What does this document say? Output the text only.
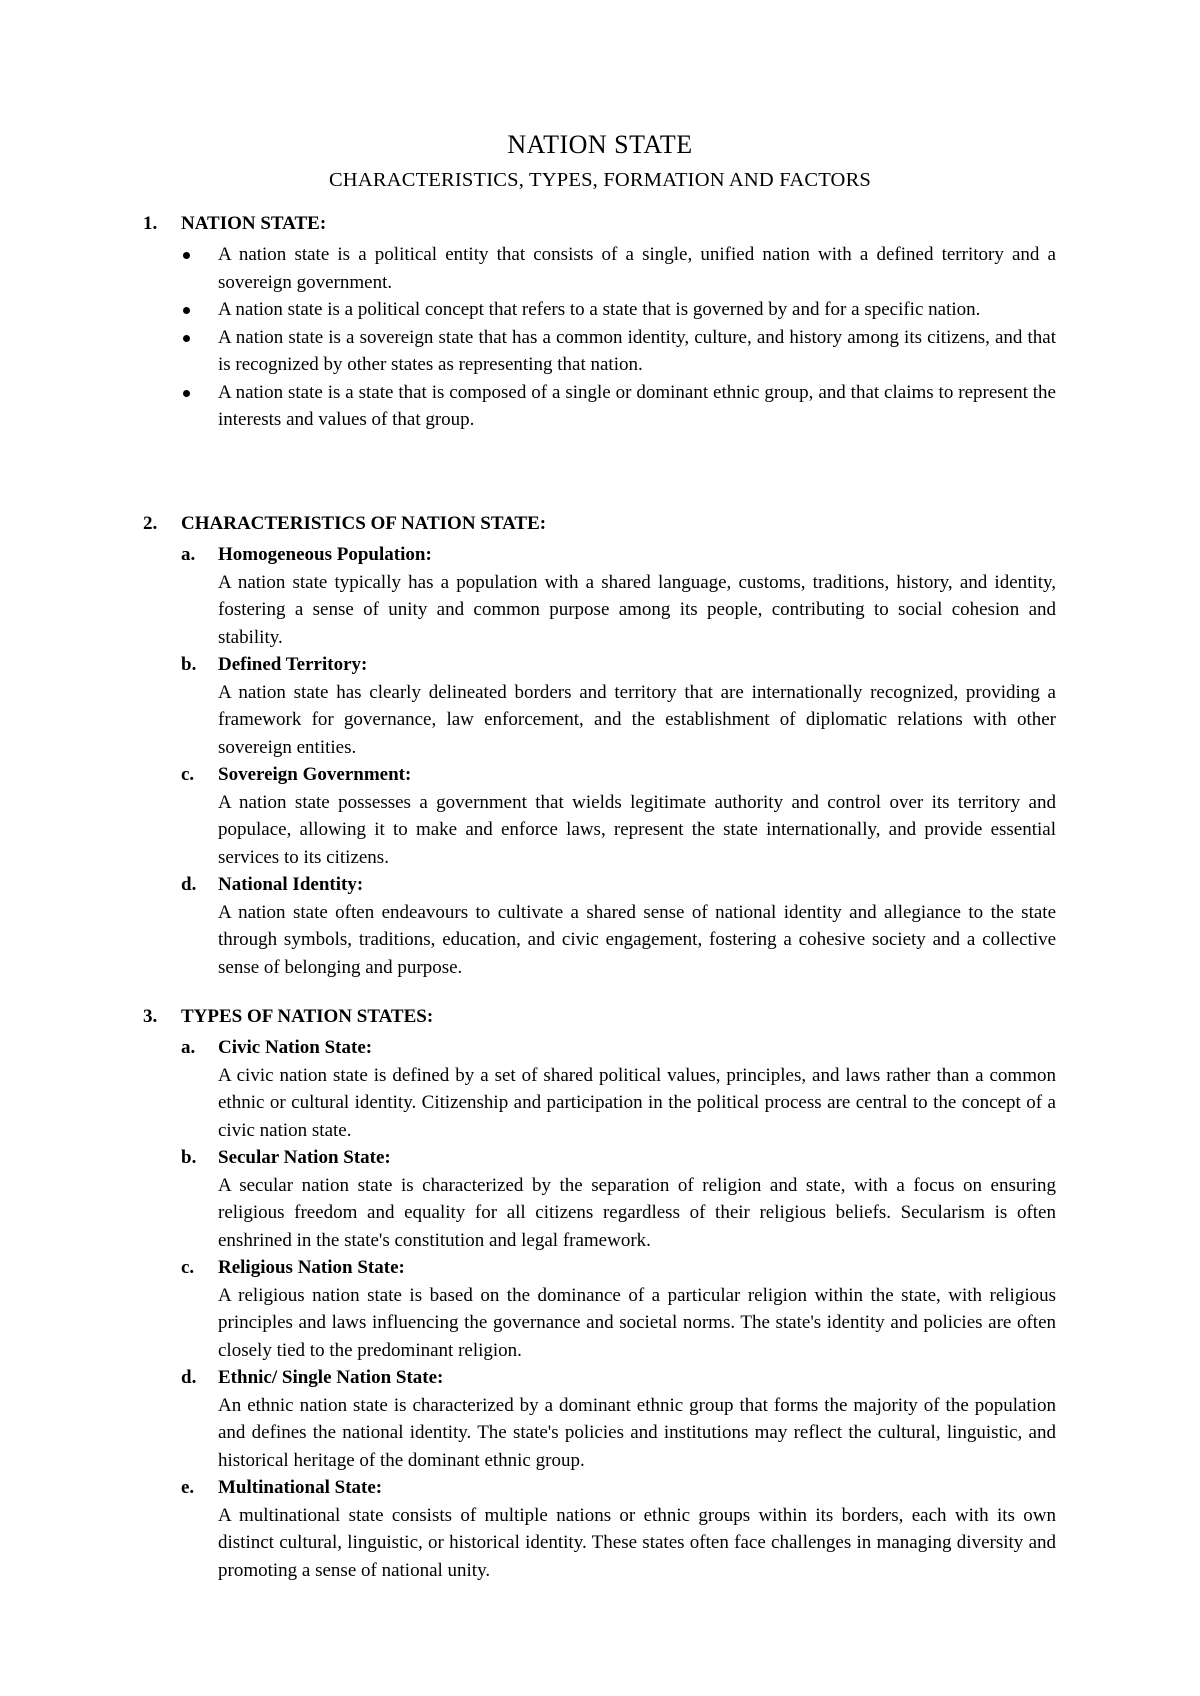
NATION STATE
CHARACTERISTICS, TYPES, FORMATION AND FACTORS
1. NATION STATE:
A nation state is a political entity that consists of a single, unified nation with a defined territory and a sovereign government.
A nation state is a political concept that refers to a state that is governed by and for a specific nation.
A nation state is a sovereign state that has a common identity, culture, and history among its citizens, and that is recognized by other states as representing that nation.
A nation state is a state that is composed of a single or dominant ethnic group, and that claims to represent the interests and values of that group.
2. CHARACTERISTICS OF NATION STATE:
a. Homogeneous Population:
A nation state typically has a population with a shared language, customs, traditions, history, and identity, fostering a sense of unity and common purpose among its people, contributing to social cohesion and stability.
b. Defined Territory:
A nation state has clearly delineated borders and territory that are internationally recognized, providing a framework for governance, law enforcement, and the establishment of diplomatic relations with other sovereign entities.
c. Sovereign Government:
A nation state possesses a government that wields legitimate authority and control over its territory and populace, allowing it to make and enforce laws, represent the state internationally, and provide essential services to its citizens.
d. National Identity:
A nation state often endeavours to cultivate a shared sense of national identity and allegiance to the state through symbols, traditions, education, and civic engagement, fostering a cohesive society and a collective sense of belonging and purpose.
3. TYPES OF NATION STATES:
a. Civic Nation State:
A civic nation state is defined by a set of shared political values, principles, and laws rather than a common ethnic or cultural identity. Citizenship and participation in the political process are central to the concept of a civic nation state.
b. Secular Nation State:
A secular nation state is characterized by the separation of religion and state, with a focus on ensuring religious freedom and equality for all citizens regardless of their religious beliefs. Secularism is often enshrined in the state's constitution and legal framework.
c. Religious Nation State:
A religious nation state is based on the dominance of a particular religion within the state, with religious principles and laws influencing the governance and societal norms. The state's identity and policies are often closely tied to the predominant religion.
d. Ethnic/ Single Nation State:
An ethnic nation state is characterized by a dominant ethnic group that forms the majority of the population and defines the national identity. The state's policies and institutions may reflect the cultural, linguistic, and historical heritage of the dominant ethnic group.
e. Multinational State:
A multinational state consists of multiple nations or ethnic groups within its borders, each with its own distinct cultural, linguistic, or historical identity. These states often face challenges in managing diversity and promoting a sense of national unity.
